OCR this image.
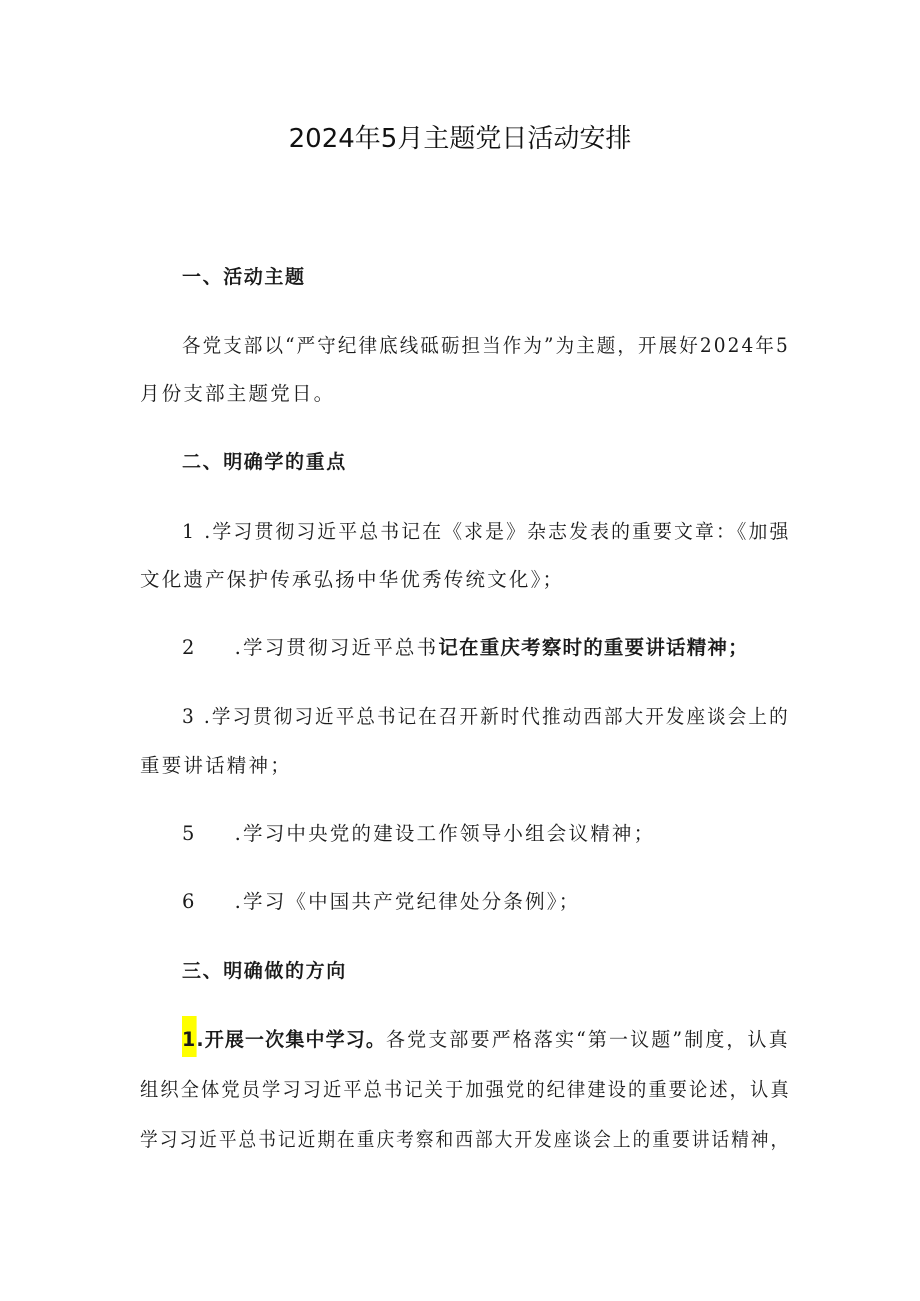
2024年5月主题党日活动安排
一、活动主题
各党支部以“严守纪律底线砥砺担当作为”为主题，开展好2024年5
月份支部主题党日。
二、明确学的重点
1 .学习贯彻习近平总书记在《求是》杂志发表的重要文章：《加强
文化遗产保护传承弘扬中华优秀传统文化》；
2 .学习贯彻习近平总书记在重庆考察时的重要讲话精神；
3 .学习贯彻习近平总书记在召开新时代推动西部大开发座谈会上的
重要讲话精神；
5 .学习中央党的建设工作领导小组会议精神；
6 .学习《中国共产党纪律处分条例》；
三、明确做的方向
1.开展一次集中学习。各党支部要严格落实“第一议题”制度，认真
组织全体党员学习习近平总书记关于加强党的纪律建设的重要论述，认真
学习习近平总书记近期在重庆考察和西部大开发座谈会上的重要讲话精神，
